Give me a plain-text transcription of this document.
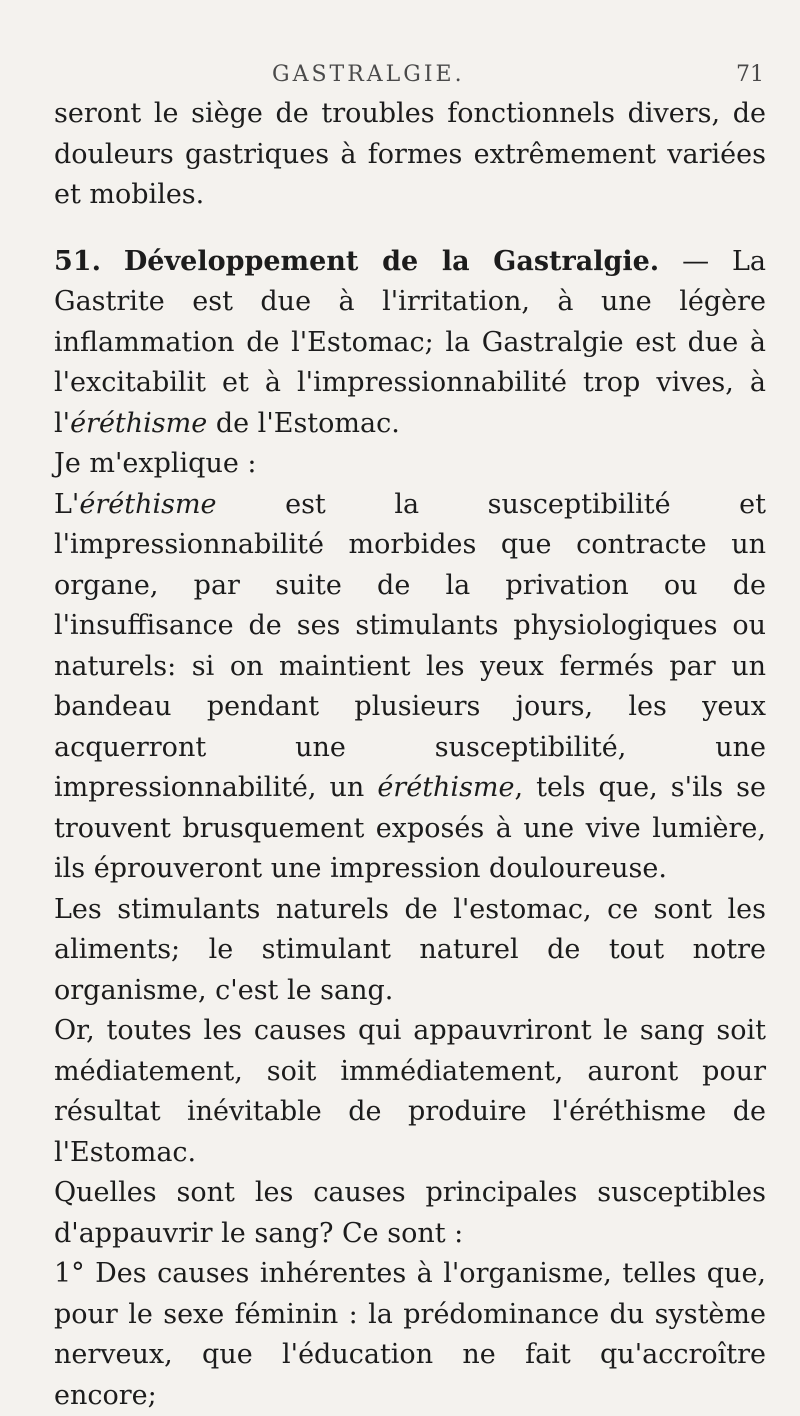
GASTRALGIE.	71

seront le siège de troubles fonctionnels divers, de douleurs gastriques à formes extrêmement variées et mobiles.

51. Développement de la Gastralgie. — La Gastrite est due à l'irritation, à une légère inflammation de l'Estomac; la Gastralgie est due à l'excitabilit et à l'impressionnabilité trop vives, à l'éréthisme de l'Estomac.

Je m'explique :

L'éréthisme est la susceptibilité et l'impressionnabilité morbides que contracte un organe, par suite de la privation ou de l'insuffisance de ses stimulants physiologiques ou naturels: si on maintient les yeux fermés par un bandeau pendant plusieurs jours, les yeux acquerront une susceptibilité, une impressionnabilité, un éréthisme, tels que, s'ils se trouvent brusquement exposés à une vive lumière, ils éprouveront une impression douloureuse.

Les stimulants naturels de l'estomac, ce sont les aliments; le stimulant naturel de tout notre organisme, c'est le sang.

Or, toutes les causes qui appauvriront le sang soit médiatement, soit immédiatement, auront pour résultat inévitable de produire l'éréthisme de l'Estomac.

Quelles sont les causes principales susceptibles d'appauvrir le sang? Ce sont :

1° Des causes inhérentes à l'organisme, telles que, pour le sexe féminin : la prédominance du système nerveux, que l'éducation ne fait qu'accroître encore;
